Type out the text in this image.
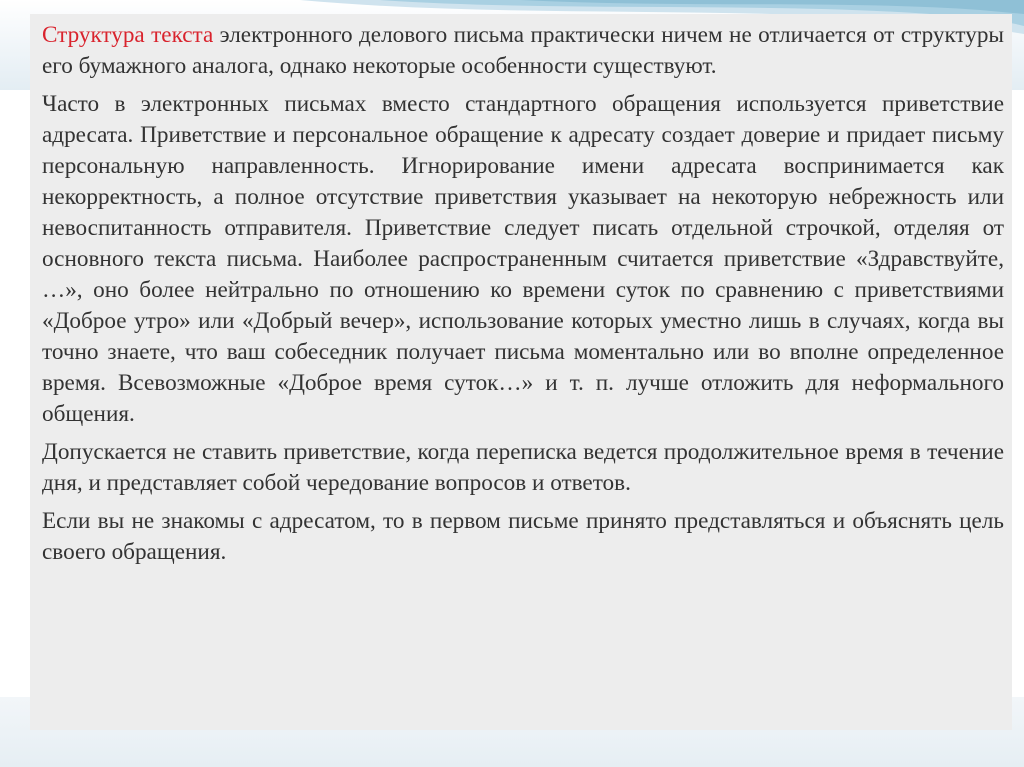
Структура текста электронного делового письма практически ничем не отличается от структуры его бумажного аналога, однако некоторые особенности существуют.

Часто в электронных письмах вместо стандартного обращения используется приветствие адресата. Приветствие и персональное обращение к адресату создает доверие и придает письму персональную направленность. Игнорирование имени адресата воспринимается как некорректность, а полное отсутствие приветствия указывает на некоторую небрежность или невоспитанность отправителя. Приветствие следует писать отдельной строчкой, отделяя от основного текста письма. Наиболее распространенным считается приветствие «Здравствуйте, …», оно более нейтрально по отношению ко времени суток по сравнению с приветствиями «Доброе утро» или «Добрый вечер», использование которых уместно лишь в случаях, когда вы точно знаете, что ваш собеседник получает письма моментально или во вполне определенное время. Всевозможные «Доброе время суток…» и т. п. лучше отложить для неформального общения.

Допускается не ставить приветствие, когда переписка ведется продолжительное время в течение дня, и представляет собой чередование вопросов и ответов.

Если вы не знакомы с адресатом, то в первом письме принято представляться и объяснять цель своего обращения.
